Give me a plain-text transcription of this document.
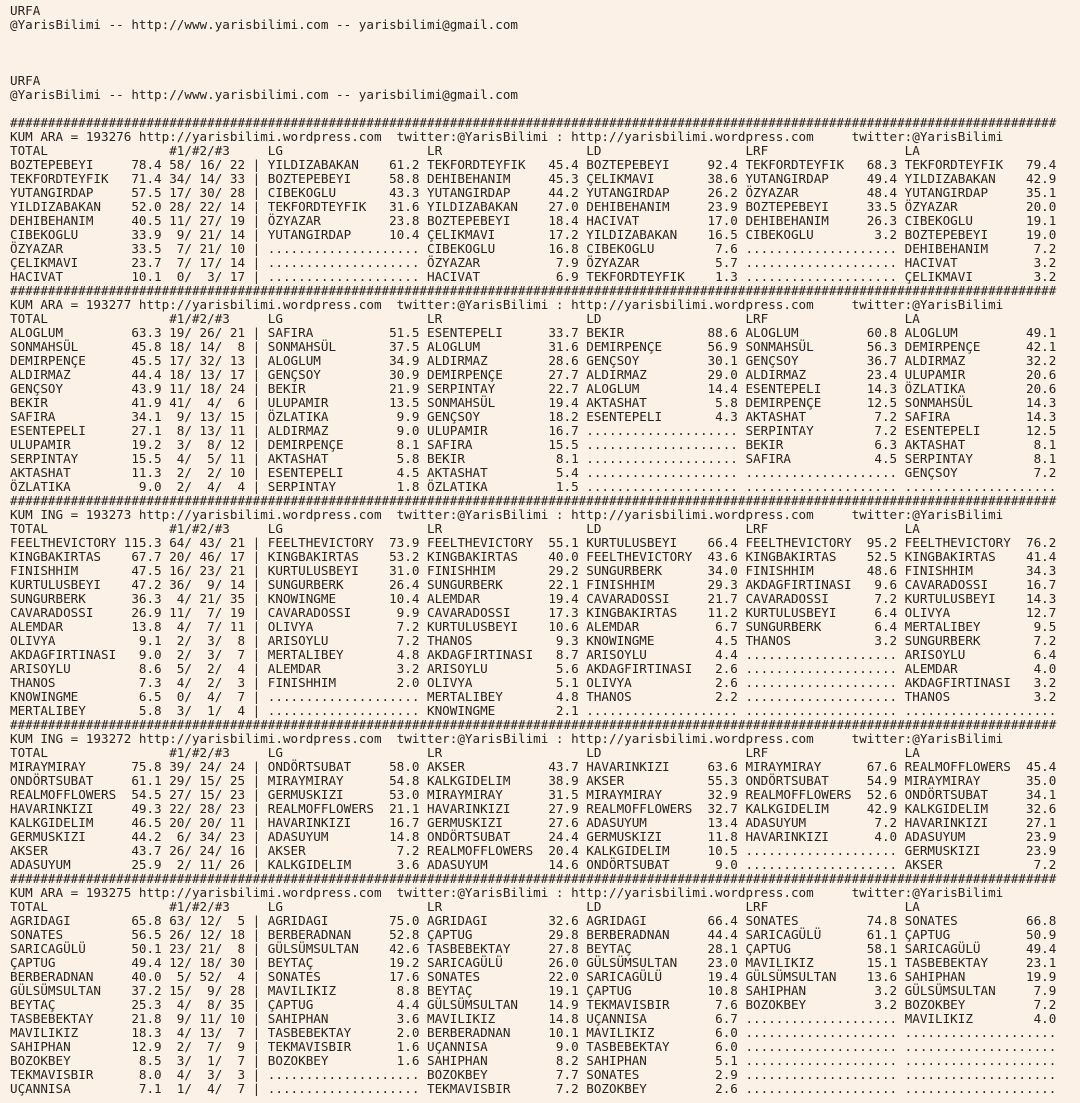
URFA
@YarisBilimi -- http://www.yarisbilimi.com -- yarisbilimi@gmail.com

URFA
@YarisBilimi -- http://www.yarisbilimi.com -- yarisbilimi@gmail.com

##########################################################################################################################################
KUM ARA = 193276 http://yarisbilimi.wordpress.com  twitter:@YarisBilimi : http://yarisbilimi.wordpress.com     twitter:@YarisBilimi
TOTAL                #1/#2/#3     LG                   LR                   LD                   LRF                  LA
BOZTEPEBEYI     78.4 58/ 16/ 22 | YILDIZABAKAN    61.2 TEKFORDTEYFIK   45.4 BOZTEPEBEYI     92.4 TEKFORDTEYFIK   68.3 TEKFORDTEYFIK   79.4
TEKFORDTEYFIK   71.4 34/ 14/ 33 | BOZTEPEBEYI     58.8 DEHIBEHANIM     45.3 ÇELIKMAVI       38.6 YUTANGIRDAP     49.4 YILDIZABAKAN    42.9
YUTANGIRDAP     57.5 17/ 30/ 28 | CIBEKOGLU       43.3 YUTANGIRDAP     44.2 YUTANGIRDAP     26.2 ÖZYAZAR         48.4 YUTANGIRDAP     35.1
YILDIZABAKAN    52.0 28/ 22/ 14 | TEKFORDTEYFIK   31.6 YILDIZABAKAN    27.0 DEHIBEHANIM     23.9 BOZTEPEBEYI     33.5 ÖZYAZAR         20.0
DEHIBEHANIM     40.5 11/ 27/ 19 | ÖZYAZAR         23.8 BOZTEPEBEYI     18.4 HACIVAT         17.0 DEHIBEHANIM     26.3 CIBEKOGLU       19.1
CIBEKOGLU       33.9  9/ 21/ 14 | YUTANGIRDAP     10.4 ÇELIKMAVI       17.2 YILDIZABAKAN    16.5 CIBEKOGLU        3.2 BOZTEPEBEYI     19.0
ÖZYAZAR         33.5  7/ 21/ 10 | .................... CIBEKOGLU       16.8 CIBEKOGLU        7.6 .................... DEHIBEHANIM      7.2
ÇELIKMAVI       23.7  7/ 17/ 14 | .................... ÖZYAZAR          7.9 ÖZYAZAR          5.7 .................... HACIVAT          3.2
HACIVAT         10.1  0/  3/ 17 | .................... HACIVAT          6.9 TEKFORDTEYFIK    1.3 .................... ÇELIKMAVI        3.2
##########################################################################################################################################
KUM ARA = 193277 http://yarisbilimi.wordpress.com  twitter:@YarisBilimi : http://yarisbilimi.wordpress.com     twitter:@YarisBilimi
TOTAL                #1/#2/#3     LG                   LR                   LD                   LRF                  LA
ALOGLUM         63.3 19/ 26/ 21 | SAFIRA          51.5 ESENTEPELI      33.7 BEKIR           88.6 ALOGLUM         60.8 ALOGLUM         49.1
SONMAHSÜL       45.8 18/ 14/  8 | SONMAHSÜL       37.5 ALOGLUM         31.6 DEMIRPENÇE      56.9 SONMAHSÜL       56.3 DEMIRPENÇE      42.1
DEMIRPENÇE      45.5 17/ 32/ 13 | ALOGLUM         34.9 ALDIRMAZ        28.6 GENÇSOY         30.1 GENÇSOY         36.7 ALDIRMAZ        32.2
ALDIRMAZ        44.4 18/ 13/ 17 | GENÇSOY         30.9 DEMIRPENÇE      27.7 ALDIRMAZ        29.0 ALDIRMAZ        23.4 ULUPAMIR        20.6
GENÇSOY         43.9 11/ 18/ 24 | BEKIR           21.9 SERPINTAY       22.7 ALOGLUM         14.4 ESENTEPELI      14.3 ÖZLATIKA        20.6
BEKIR           41.9 41/  4/  6 | ULUPAMIR        13.5 SONMAHSÜL       19.4 AKTASHAT         5.8 DEMIRPENÇE      12.5 SONMAHSÜL       14.3
SAFIRA          34.1  9/ 13/ 15 | ÖZLATIKA         9.9 GENÇSOY         18.2 ESENTEPELI       4.3 AKTASHAT         7.2 SAFIRA          14.3
ESENTEPELI      27.1  8/ 13/ 11 | ALDIRMAZ         9.0 ULUPAMIR        16.7 .................... SERPINTAY        7.2 ESENTEPELI      12.5
ULUPAMIR        19.2  3/  8/ 12 | DEMIRPENÇE       8.1 SAFIRA          15.5 .................... BEKIR            6.3 AKTASHAT         8.1
SERPINTAY       15.5  4/  5/ 11 | AKTASHAT         5.8 BEKIR            8.1 .................... SAFIRA           4.5 SERPINTAY        8.1
AKTASHAT        11.3  2/  2/ 10 | ESENTEPELI       4.5 AKTASHAT         5.4 .................... .................... GENÇSOY          7.2
ÖZLATIKA         9.0  2/  4/  4 | SERPINTAY        1.8 ÖZLATIKA         1.5 .................... .................... ....................
##########################################################################################################################################
KUM ING = 193273 http://yarisbilimi.wordpress.com  twitter:@YarisBilimi : http://yarisbilimi.wordpress.com     twitter:@YarisBilimi
TOTAL                #1/#2/#3     LG                   LR                   LD                   LRF                  LA
FEELTHEVICTORY 115.3 64/ 43/ 21 | FEELTHEVICTORY  73.9 FEELTHEVICTORY  55.1 KURTULUSBEYI    66.4 FEELTHEVICTORY  95.2 FEELTHEVICTORY  76.2
KINGBAKIRTAS    67.7 20/ 46/ 17 | KINGBAKIRTAS    53.2 KINGBAKIRTAS    40.0 FEELTHEVICTORY  43.6 KINGBAKIRTAS    52.5 KINGBAKIRTAS    41.4
FINISHHIM       47.5 16/ 23/ 21 | KURTULUSBEYI    31.0 FINISHHIM       29.2 SUNGURBERK      34.0 FINISHHIM       48.6 FINISHHIM       34.3
KURTULUSBEYI    47.2 36/  9/ 14 | SUNGURBERK      26.4 SUNGURBERK      22.1 FINISHHIM       29.3 AKDAGFIRTINASI   9.6 CAVARADOSSI     16.7
SUNGURBERK      36.3  4/ 21/ 35 | KNOWINGME       10.4 ALEMDAR         19.4 CAVARADOSSI     21.7 CAVARADOSSI      7.2 KURTULUSBEYI    14.3
CAVARADOSSI     26.9 11/  7/ 19 | CAVARADOSSI      9.9 CAVARADOSSI     17.3 KINGBAKIRTAS    11.2 KURTULUSBEYI     6.4 OLIVYA          12.7
ALEMDAR         13.8  4/  7/ 11 | OLIVYA           7.2 KURTULUSBEYI    10.6 ALEMDAR          6.7 SUNGURBERK       6.4 MERTALIBEY       9.5
OLIVYA           9.1  2/  3/  8 | ARISOYLU         7.2 THANOS           9.3 KNOWINGME        4.5 THANOS           3.2 SUNGURBERK       7.2
AKDAGFIRTINASI   9.0  2/  3/  7 | MERTALIBEY       4.8 AKDAGFIRTINASI   8.7 ARISOYLU         4.4 .................... ARISOYLU         6.4
ARISOYLU         8.6  5/  2/  4 | ALEMDAR          3.2 ARISOYLU         5.6 AKDAGFIRTINASI   2.6 .................... ALEMDAR          4.0
THANOS           7.3  4/  2/  3 | FINISHHIM        2.0 OLIVYA           5.1 OLIVYA           2.6 .................... AKDAGFIRTINASI   3.2
KNOWINGME        6.5  0/  4/  7 | .................... MERTALIBEY       4.8 THANOS           2.2 .................... THANOS           3.2
MERTALIBEY       5.8  3/  1/  4 | .................... KNOWINGME        2.1 .................... .................... ....................
##########################################################################################################################################
KUM ING = 193272 http://yarisbilimi.wordpress.com  twitter:@YarisBilimi : http://yarisbilimi.wordpress.com     twitter:@YarisBilimi
TOTAL                #1/#2/#3     LG                   LR                   LD                   LRF                  LA
MIRAYMIRAY      75.8 39/ 24/ 24 | ONDÖRTSUBAT     58.0 AKSER           43.7 HAVARINKIZI     63.6 MIRAYMIRAY      67.6 REALMOFFLOWERS  45.4
ONDÖRTSUBAT     61.1 29/ 15/ 25 | MIRAYMIRAY      54.8 KALKGIDELIM     38.9 AKSER           55.3 ONDÖRTSUBAT     54.9 MIRAYMIRAY      35.0
REALMOFFLOWERS  54.5 27/ 15/ 23 | GERMUSKIZI      53.0 MIRAYMIRAY      31.5 MIRAYMIRAY      32.9 REALMOFFLOWERS  52.6 ONDÖRTSUBAT     34.1
HAVARINKIZI     49.3 22/ 28/ 23 | REALMOFFLOWERS  21.1 HAVARINKIZI     27.9 REALMOFFLOWERS  32.7 KALKGIDELIM     42.9 KALKGIDELIM     32.6
KALKGIDELIM     46.5 20/ 20/ 11 | HAVARINKIZI     16.7 GERMUSKIZI      27.6 ADASUYUM        13.4 ADASUYUM         7.2 HAVARINKIZI     27.1
GERMUSKIZI      44.2  6/ 34/ 23 | ADASUYUM        14.8 ONDÖRTSUBAT     24.4 GERMUSKIZI      11.8 HAVARINKIZI      4.0 ADASUYUM        23.9
AKSER           43.7 26/ 24/ 16 | AKSER            7.2 REALMOFFLOWERS  20.4 KALKGIDELIM     10.5 .................... GERMUSKIZI      23.9
ADASUYUM        25.9  2/ 11/ 26 | KALKGIDELIM      3.6 ADASUYUM        14.6 ONDÖRTSUBAT      9.0 .................... AKSER            7.2
##########################################################################################################################################
KUM ARA = 193275 http://yarisbilimi.wordpress.com  twitter:@YarisBilimi : http://yarisbilimi.wordpress.com     twitter:@YarisBilimi
TOTAL                #1/#2/#3     LG                   LR                   LD                   LRF                  LA
AGRIDAGI        65.8 63/ 12/  5 | AGRIDAGI        75.0 AGRIDAGI        32.6 AGRIDAGI        66.4 SONATES         74.8 SONATES         66.8
SONATES         56.5 26/ 12/ 18 | BERBERADNAN     52.8 ÇAPTUG          29.8 BERBERADNAN     44.4 SARICAGÜLÜ      61.1 ÇAPTUG          50.9
SARICAGÜLÜ      50.1 23/ 21/  8 | GÜLSÜMSULTAN    42.6 TASBEBEKTAY     27.8 BEYTAÇ          28.1 ÇAPTUG          58.1 SARICAGÜLÜ      49.4
ÇAPTUG          49.4 12/ 18/ 30 | BEYTAÇ          19.2 SARICAGÜLÜ      26.0 GÜLSÜMSULTAN    23.0 MAVILIKIZ       15.1 TASBEBEKTAY     23.1
BERBERADNAN     40.0  5/ 52/  4 | SONATES         17.6 SONATES         22.0 SARICAGÜLÜ      19.4 GÜLSÜMSULTAN    13.6 SAHIPHAN        19.9
GÜLSÜMSULTAN    37.2 15/  9/ 28 | MAVILIKIZ        8.8 BEYTAÇ          19.1 ÇAPTUG          10.8 SAHIPHAN         3.2 GÜLSÜMSULTAN     7.9
BEYTAÇ          25.3  4/  8/ 35 | ÇAPTUG           4.4 GÜLSÜMSULTAN    14.9 TEKMAVISBIR      7.6 BOZOKBEY         3.2 BOZOKBEY         7.2
TASBEBEKTAY     21.8  9/ 11/ 10 | SAHIPHAN         3.6 MAVILIKIZ       14.8 UÇANNISA         6.7 .................... MAVILIKIZ        4.0
MAVILIKIZ       18.3  4/ 13/  7 | TASBEBEKTAY      2.0 BERBERADNAN     10.1 MAVILIKIZ        6.0 .................... ....................
SAHIPHAN        12.9  2/  7/  9 | TEKMAVISBIR      1.6 UÇANNISA         9.0 TASBEBEKTAY      6.0 .................... ....................
BOZOKBEY         8.5  3/  1/  7 | BOZOKBEY         1.6 SAHIPHAN         8.2 SAHIPHAN         5.1 .................... ....................
TEKMAVISBIR      8.0  4/  3/  3 | .................... BOZOKBEY         7.7 SONATES          2.9 .................... ....................
UÇANNISA         7.1  1/  4/  7 | .................... TEKMAVISBIR      7.2 BOZOKBEY         2.6 .................... ....................
